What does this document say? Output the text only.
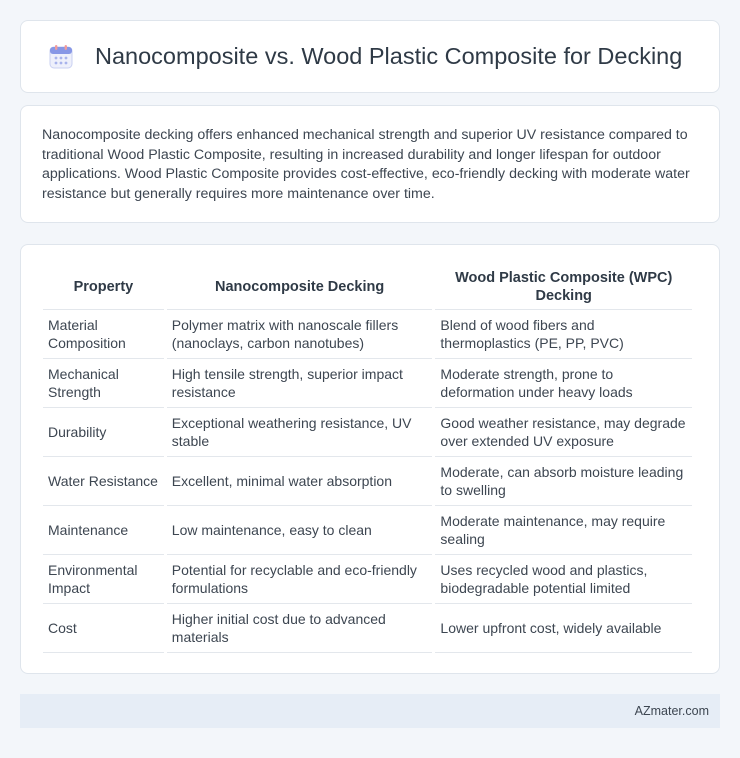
Nanocomposite vs. Wood Plastic Composite for Decking

Nanocomposite decking offers enhanced mechanical strength and superior UV resistance compared to traditional Wood Plastic Composite, resulting in increased durability and longer lifespan for outdoor applications. Wood Plastic Composite provides cost-effective, eco-friendly decking with moderate water resistance but generally requires more maintenance over time.

Property	Nanocomposite Decking	Wood Plastic Composite (WPC) Decking
Material Composition	Polymer matrix with nanoscale fillers (nanoclays, carbon nanotubes)	Blend of wood fibers and thermoplastics (PE, PP, PVC)
Mechanical Strength	High tensile strength, superior impact resistance	Moderate strength, prone to deformation under heavy loads
Durability	Exceptional weathering resistance, UV stable	Good weather resistance, may degrade over extended UV exposure
Water Resistance	Excellent, minimal water absorption	Moderate, can absorb moisture leading to swelling
Maintenance	Low maintenance, easy to clean	Moderate maintenance, may require sealing
Environmental Impact	Potential for recyclable and eco-friendly formulations	Uses recycled wood and plastics, biodegradable potential limited
Cost	Higher initial cost due to advanced materials	Lower upfront cost, widely available
AZmater.com
